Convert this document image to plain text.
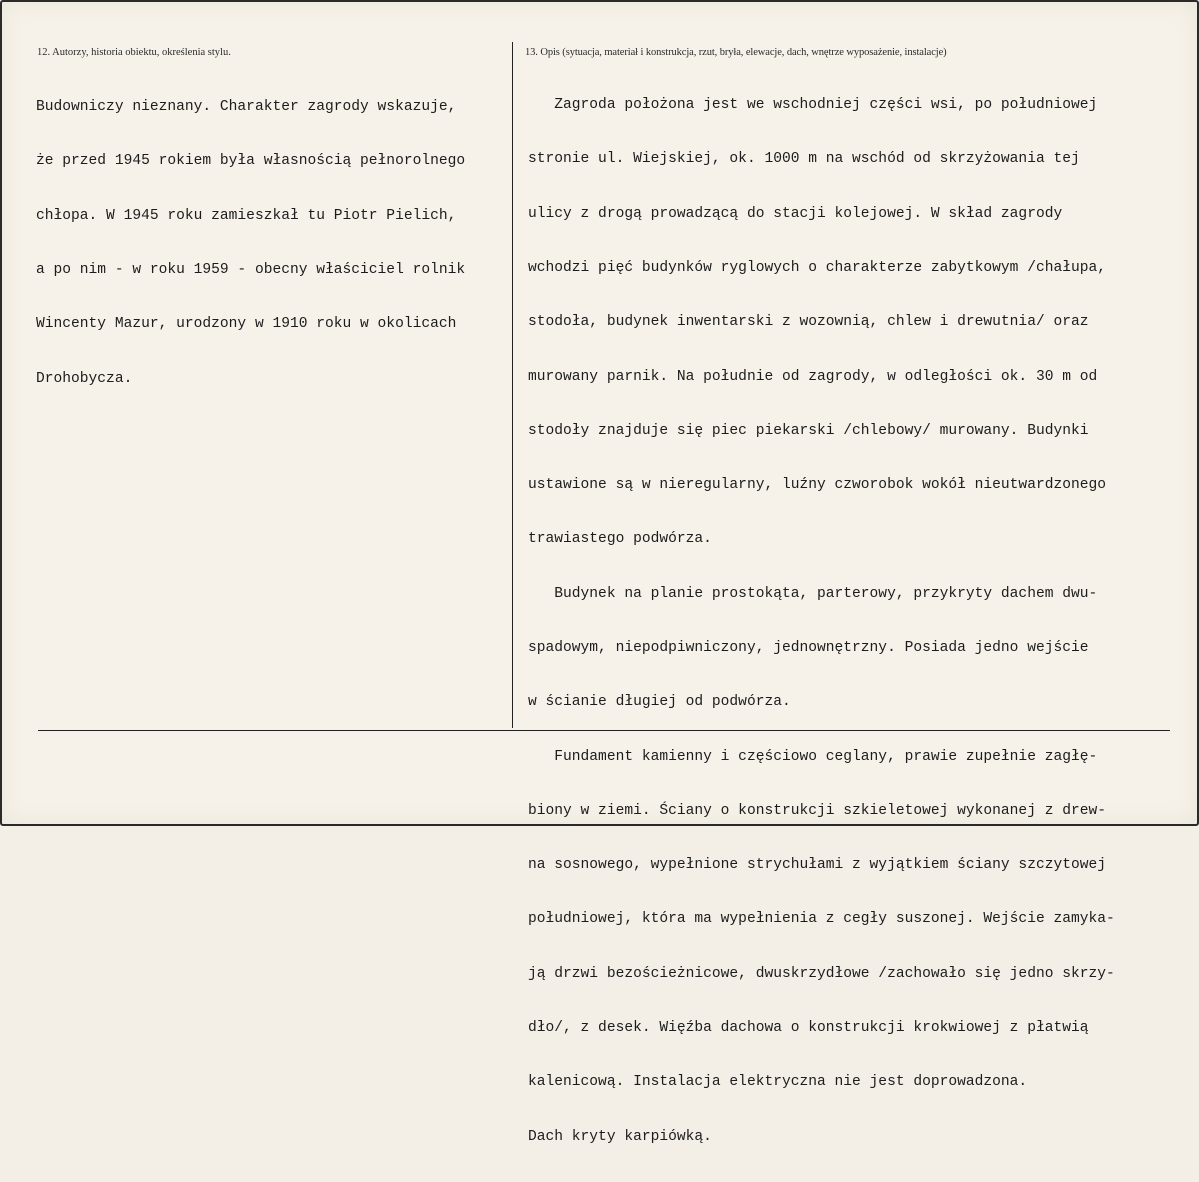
12. Autorzy, historia obiektu, określenia stylu.

Budowniczy nieznany. Charakter zagrody wskazuje,

że przed 1945 rokiem była własnością pełnorolnego

chłopa. W 1945 roku zamieszkał tu Piotr Pielich,

a po nim - w roku 1959 - obecny właściciel rolnik

Wincenty Mazur, urodzony w 1910 roku w okolicach

Drohobycza.

13. Opis (sytuacja, materiał i konstrukcja, rzut, bryła, elewacje, dach, wnętrze wyposażenie, instalacje)

Zagroda położona jest we wschodniej części wsi, po południowej

stronie ul. Wiejskiej, ok. 1000 m na wschód od skrzyżowania tej

ulicy z drogą prowadzącą do stacji kolejowej. W skład zagrody

wchodzi pięć budynków ryglowych o charakterze zabytkowym /chałupa,

stodoła, budynek inwentarski z wozownią, chlew i drewutnia/ oraz

murowany parnik. Na południe od zagrody, w odległości ok. 30 m od

stodoły znajduje się piec piekarski /chlebowy/ murowany. Budynki

ustawione są w nieregularny, luźny czworobok wokół nieutwardzonego

trawiastego podwórza.

Budynek na planie prostokąta, parterowy, przykryty dachem dwu-

spadowym, niepodpiwniczony, jednownętrzny. Posiada jedno wejście

w ścianie długiej od podwórza.

Fundament kamienny i częściowo ceglany, prawie zupełnie zagłę-

biony w ziemi. Ściany o konstrukcji szkieletowej wykonanej z drew-

na sosnowego, wypełnione strychułami z wyjątkiem ściany szczytowej

południowej, która ma wypełnienia z cegły suszonej. Wejście zamyka-

ją drzwi bezościeżnicowe, dwuskrzydłowe /zachowało się jedno skrzy-

dło/, z desek. Więźba dachowa o konstrukcji krokwiowej z płatwią

kalenicową. Instalacja elektryczna nie jest doprowadzona.

Dach kryty karpiówką.
